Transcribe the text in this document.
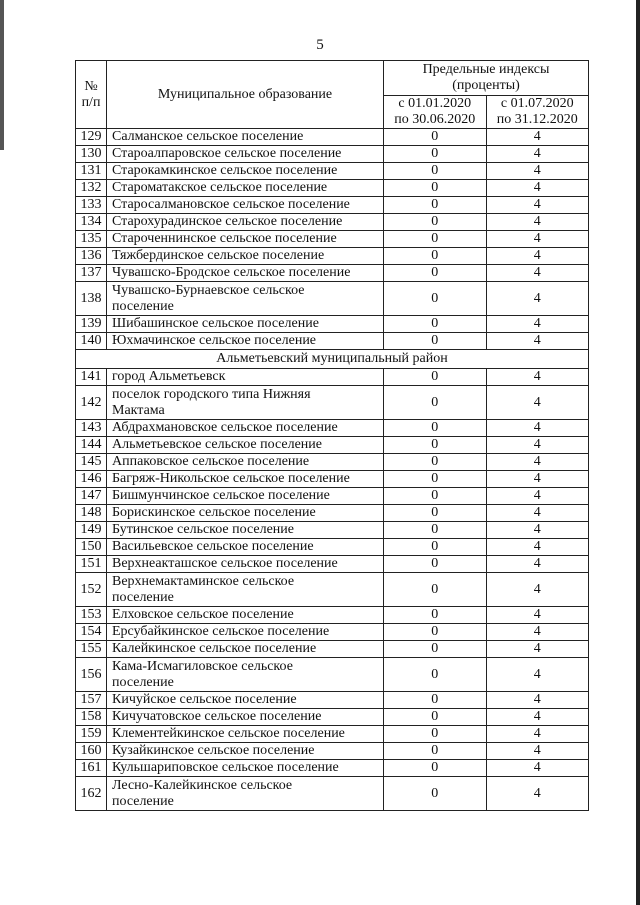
5
№
п/п	Муниципальное образование	Предельные индексы
(проценты)	
		с 01.01.2020
по 30.06.2020	с 01.07.2020
по 31.12.2020
129	Салманское сельское поселение	0	4
130	Староалпаровское сельское поселение	0	4
131	Старокамкинское сельское поселение	0	4
132	Староматакское сельское поселение	0	4
133	Старосалмановское сельское поселение	0	4
134	Старохурадинское сельское поселение	0	4
135	Староченнинское сельское поселение	0	4
136	Тяжбердинское сельское поселение	0	4
137	Чувашско-Бродское сельское поселение	0	4
138	Чувашско-Бурнаевское сельское
поселение	0	4
139	Шибашинское сельское поселение	0	4
140	Юхмачинское сельское поселение	0	4
Альметьевский муниципальный район			
141	город Альметьевск	0	4
142	поселок городского типа Нижняя
Мактама	0	4
143	Абдрахмановское сельское поселение	0	4
144	Альметьевское сельское поселение	0	4
145	Аппаковское сельское поселение	0	4
146	Багряж-Никольское сельское поселение	0	4
147	Бишмунчинское сельское поселение	0	4
148	Борискинское сельское поселение	0	4
149	Бутинское сельское поселение	0	4
150	Васильевское сельское поселение	0	4
151	Верхнеакташское сельское поселение	0	4
152	Верхнемактаминское сельское
поселение	0	4
153	Елховское сельское поселение	0	4
154	Ерсубайкинское сельское поселение	0	4
155	Калейкинское сельское поселение	0	4
156	Кама-Исмагиловское сельское
поселение	0	4
157	Кичуйское сельское поселение	0	4
158	Кичучатовское сельское поселение	0	4
159	Клементейкинское сельское поселение	0	4
160	Кузайкинское сельское поселение	0	4
161	Кульшариповское сельское поселение	0	4
162	Лесно-Калейкинское сельское
поселение	0	4
